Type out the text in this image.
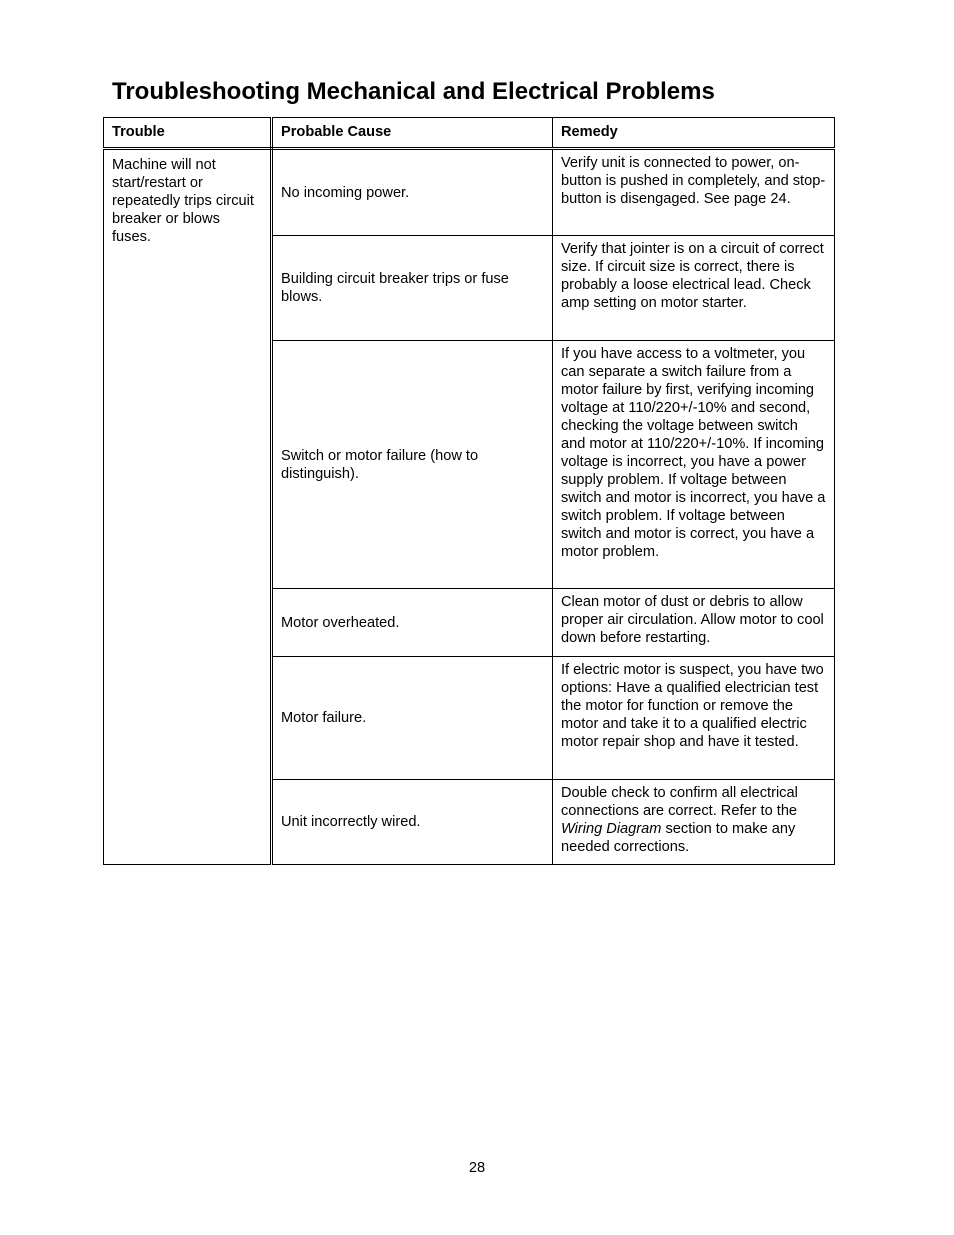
Troubleshooting Mechanical and Electrical Problems
Trouble	Probable Cause	Remedy
Machine will not start/restart or repeatedly trips circuit breaker or blows fuses.	No incoming power.	Verify unit is connected to power, on-button is pushed in completely, and stop-button is disengaged. See page 24.
	Building circuit breaker trips or fuse blows.	Verify that jointer is on a circuit of correct size. If circuit size is correct, there is probably a loose electrical lead. Check amp setting on motor starter.
	Switch or motor failure (how to distinguish).	If you have access to a voltmeter, you can separate a switch failure from a motor failure by first, verifying incoming voltage at 110/220+/-10% and second, checking the voltage between switch and motor at 110/220+/-10%. If incoming voltage is incorrect, you have a power supply problem. If voltage between switch and motor is incorrect, you have a switch problem. If voltage between switch and motor is correct, you have a motor problem.
	Motor overheated.	Clean motor of dust or debris to allow proper air circulation. Allow motor to cool down before restarting.
	Motor failure.	If electric motor is suspect, you have two options: Have a qualified electrician test the motor for function or remove the motor and take it to a qualified electric motor repair shop and have it tested.
	Unit incorrectly wired.	Double check to confirm all electrical connections are correct. Refer to the Wiring Diagram section to make any needed corrections.
28
